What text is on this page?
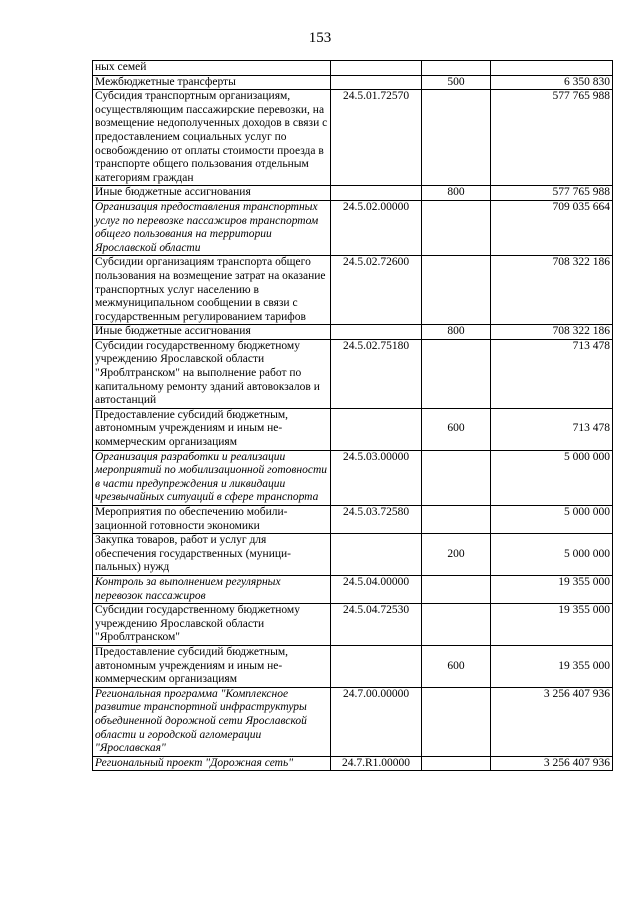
153
ных семей			
Межбюджетные трансферты		500	6 350 830
Субсидия транспортным организациям, осуществляющим пассажирские перевозки, на возмещение недополученных доходов в связи с предоставлением социальных услуг по освобождению от оплаты стоимости проезда в транспорте общего пользования отдельным категориям граждан	24.5.01.72570		577 765 988
Иные бюджетные ассигнования		800	577 765 988
Организация предоставления транспортных услуг по перевозке пассажиров транспортом общего пользования на территории Ярославской области	24.5.02.00000		709 035 664
Субсидии организациям транспорта общего пользования на возмещение затрат на оказание транспортных услуг населению в межмуниципальном сообщении в связи с государственным регулированием тарифов	24.5.02.72600		708 322 186
Иные бюджетные ассигнования		800	708 322 186
Субсидии государственному бюджетному учреждению Ярославской области "Яроблтранском" на выполнение работ по капитальному ремонту зданий автовокзалов и автостанций	24.5.02.75180		713 478
Предоставление субсидий бюджетным, автономным учреждениям и иным некоммерческим организациям		600	713 478
Организация разработки и реализации мероприятий по мобилизационной готовности в части предупреждения и ликвидации чрезвычайных ситуаций в сфере транспорта	24.5.03.00000		5 000 000
Мероприятия по обеспечению мобилизационной готовности экономики	24.5.03.72580		5 000 000
Закупка товаров, работ и услуг для обеспечения государственных (муниципальных) нужд		200	5 000 000
Контроль за выполнением регулярных перевозок пассажиров	24.5.04.00000		19 355 000
Субсидии государственному бюджетному учреждению Ярославской области "Яроблтранском"	24.5.04.72530		19 355 000
Предоставление субсидий бюджетным, автономным учреждениям и иным некоммерческим организациям		600	19 355 000
Региональная программа "Комплексное развитие транспортной инфраструктуры объединенной дорожной сети Ярославской области и городской агломерации "Ярославская"	24.7.00.00000		3 256 407 936
Региональный проект "Дорожная сеть"	24.7.R1.00000		3 256 407 936
